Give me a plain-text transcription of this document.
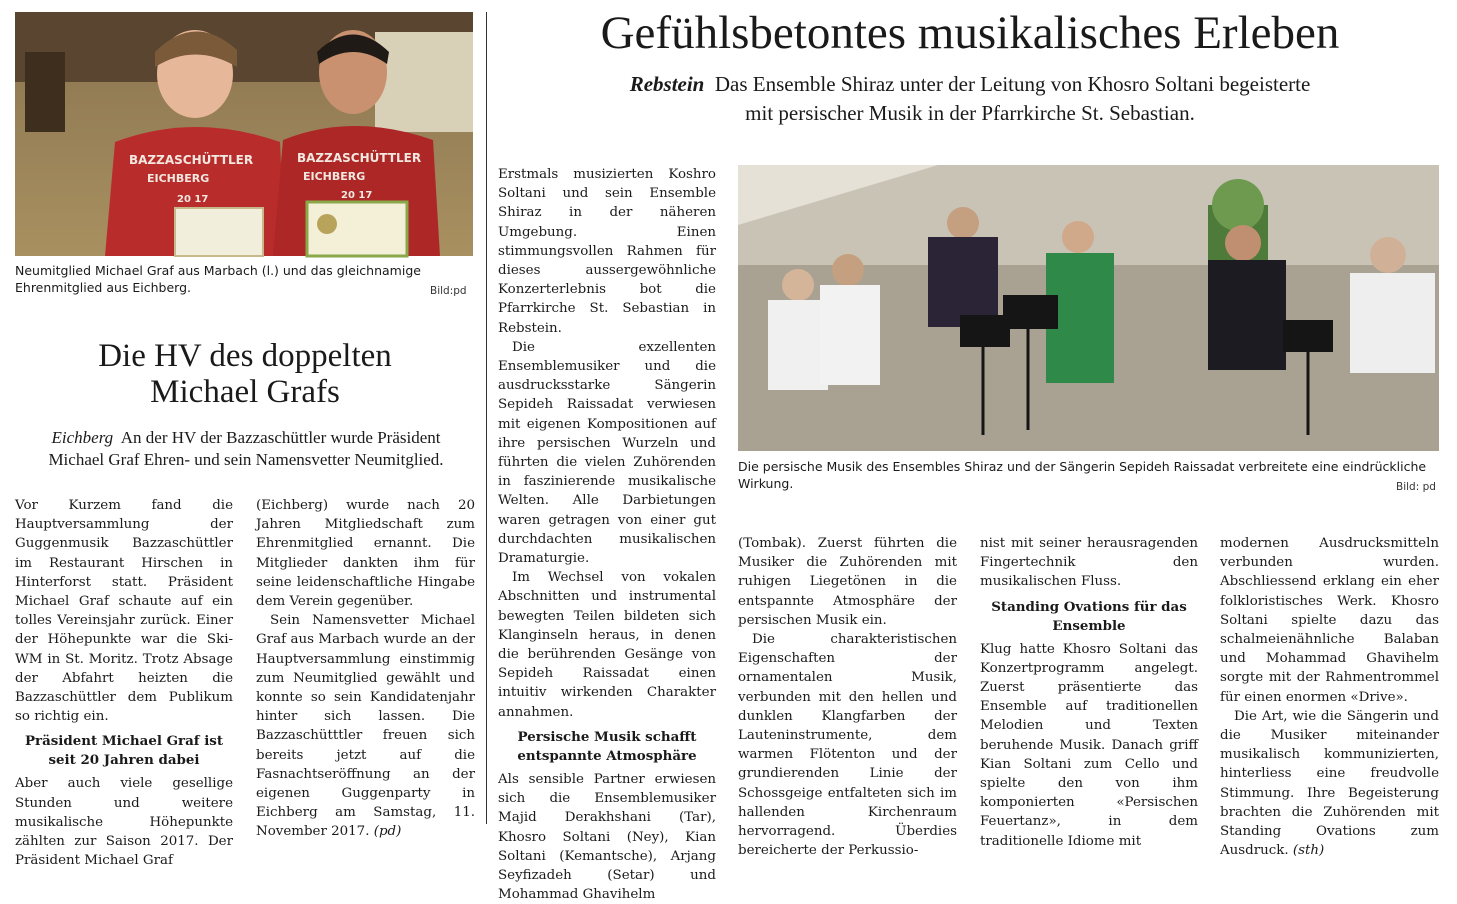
BAZZASCHÜTTLER
EICHBERG
20 17
BAZZASCHÜTTLER
EICHBERG
20 17
Neumitglied Michael Graf aus Marbach (l.) und das gleichnamige Ehrenmitglied aus Eichberg.	Bild:pd
Die HV des doppelten
Michael Grafs
Eichberg An der HV der Bazzaschüttler wurde Präsident
Michael Graf Ehren- und sein Namensvetter Neumitglied.

Vor Kurzem fand die Hauptversammlung der Guggenmusik Bazzaschüttler im Restaurant Hirschen in Hinterforst statt. Präsident Michael Graf schaute auf ein tolles Vereinsjahr zurück. Einer der Höhepunkte war die Ski-WM in St. Moritz. Trotz Absage der Abfahrt heizten die Bazzaschüttler dem Publikum so richtig ein.

Präsident Michael Graf ist seit 20 Jahren dabei

Aber auch viele gesellige Stunden und weitere musikalische Höhepunkte zählten zur Saison 2017. Der Präsident Michael Graf

(Eichberg) wurde nach 20 Jahren Mitgliedschaft zum Ehrenmitglied ernannt. Die Mitglieder dankten ihm für seine leidenschaftliche Hingabe dem Verein gegenüber.

Sein Namensvetter Michael Graf aus Marbach wurde an der Hauptversammlung einstimmig zum Neumitglied gewählt und konnte so sein Kandidatenjahr hinter sich lassen. Die Bazzaschütttler freuen sich bereits jetzt auf die Fasnachtseröffnung an der eigenen Guggenparty in Eichberg am Samstag, 11. November 2017. (pd)

Gefühlsbetontes musikalisches Erleben
Rebstein Das Ensemble Shiraz unter der Leitung von Khosro Soltani begeisterte
mit persischer Musik in der Pfarrkirche St. Sebastian.
Die persische Musik des Ensembles Shiraz und der Sängerin Sepideh Raissadat verbreitete eine eindrückliche Wirkung.	Bild: pd

Erstmals musizierten Koshro Soltani und sein Ensemble Shiraz in der näheren Umgebung. Einen stimmungsvollen Rahmen für dieses aussergewöhnliche Konzerterlebnis bot die Pfarrkirche St. Sebastian in Rebstein.

Die exzellenten Ensemblemusiker und die ausdrucksstarke Sängerin Sepideh Raissadat verwiesen mit eigenen Kompositionen auf ihre persischen Wurzeln und führten die vielen Zuhörenden in faszinierende musikalische Welten. Alle Darbietungen waren getragen von einer gut durchdachten musikalischen Dramaturgie.

Im Wechsel von vokalen Abschnitten und instrumental bewegten Teilen bildeten sich Klanginseln heraus, in denen die berührenden Gesänge von Sepideh Raissadat einen intuitiv wirkenden Charakter annahmen.

Persische Musik schafft entspannte Atmosphäre

Als sensible Partner erwiesen sich die Ensemblemusiker Majid Derakhshani (Tar), Khosro Soltani (Ney), Kian Soltani (Kemantsche), Arjang Seyfizadeh (Setar) und Mohammad Ghavihelm

(Tombak). Zuerst führten die Musiker die Zuhörenden mit ruhigen Liegetönen in die entspannte Atmosphäre der persischen Musik ein.

Die charakteristischen Eigenschaften der ornamentalen Musik, verbunden mit den hellen und dunklen Klangfarben der Lauteninstrumente, dem warmen Flötenton und der grundierenden Linie der Schossgeige entfalteten sich im hallenden Kirchenraum hervorragend. Überdies bereicherte der Perkussio-

nist mit seiner herausragenden Fingertechnik den musikalischen Fluss.

Standing Ovations für das Ensemble

Klug hatte Khosro Soltani das Konzertprogramm angelegt. Zuerst präsentierte das Ensemble auf traditionellen Melodien und Texten beruhende Musik. Danach griff Kian Soltani zum Cello und spielte den von ihm komponierten «Persischen Feuertanz», in dem traditionelle Idiome mit

modernen Ausdrucksmitteln verbunden wurden. Abschliessend erklang ein eher folkloristisches Werk. Khosro Soltani spielte dazu das schalmeienähnliche Balaban und Mohammad Ghavihelm sorgte mit der Rahmentrommel für einen enormen «Drive».

Die Art, wie die Sängerin und die Musiker miteinander musikalisch kommunizierten, hinterliess eine freudvolle Stimmung. Ihre Begeisterung brachten die Zuhörenden mit Standing Ovations zum Ausdruck. (sth)
